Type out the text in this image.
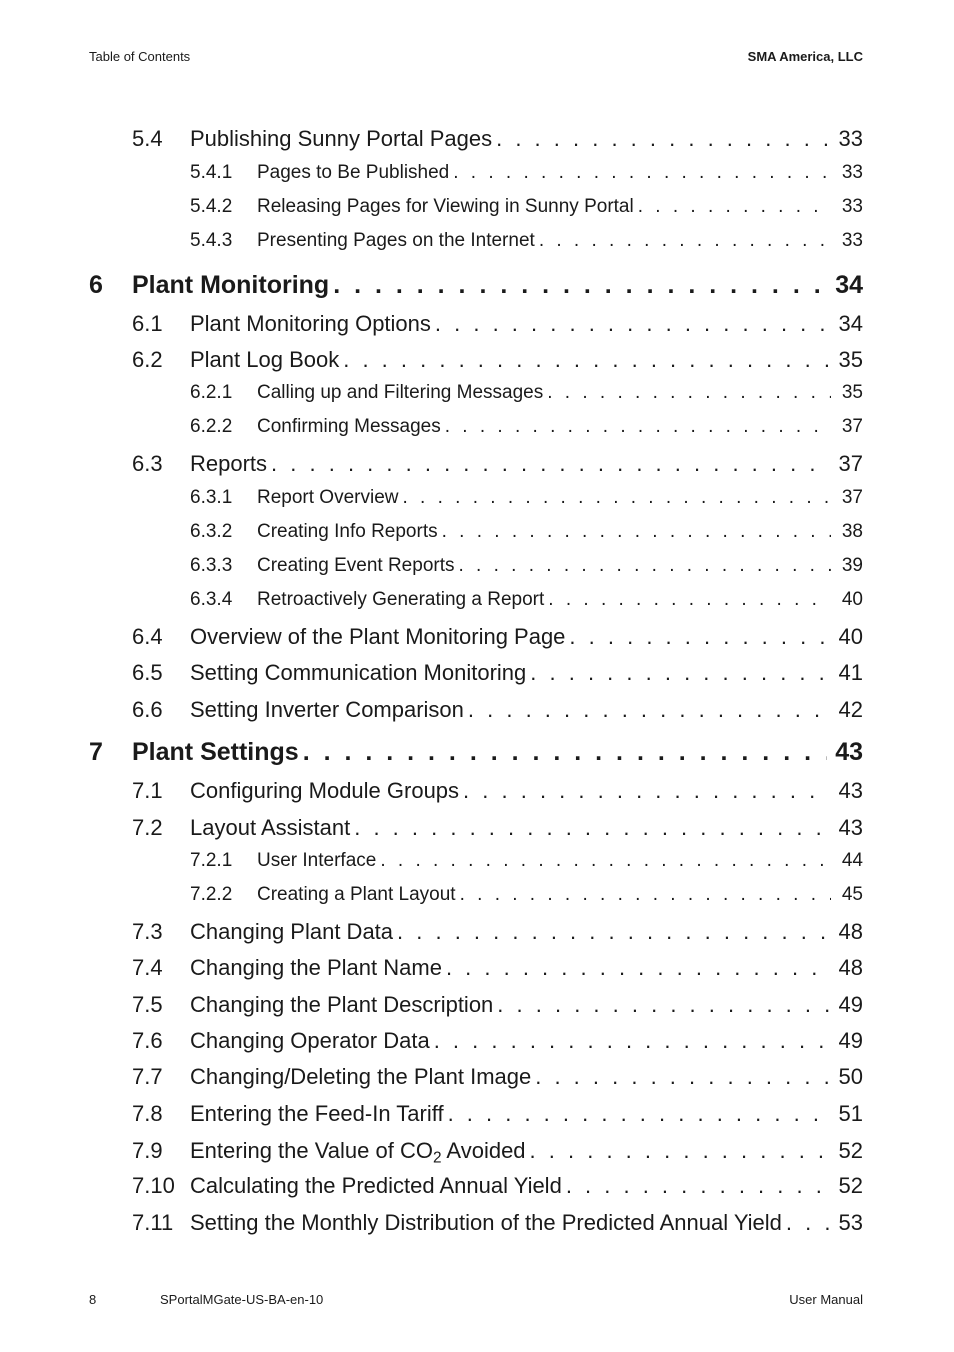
Table of Contents	SMA America, LLC
5.4	Publishing Sunny Portal Pages . . .	33
5.4.1	Pages to Be Published . . .	33
5.4.2	Releasing Pages for Viewing in Sunny Portal . . .	33
5.4.3	Presenting Pages on the Internet . . .	33
6	Plant Monitoring . . .	34
6.1	Plant Monitoring Options . . .	34
6.2	Plant Log Book . . .	35
6.2.1	Calling up and Filtering Messages . . .	35
6.2.2	Confirming Messages . . .	37
6.3	Reports . . .	37
6.3.1	Report Overview . . .	37
6.3.2	Creating Info Reports . . .	38
6.3.3	Creating Event Reports . . .	39
6.3.4	Retroactively Generating a Report . . .	40
6.4	Overview of the Plant Monitoring Page . . .	40
6.5	Setting Communication Monitoring . . .	41
6.6	Setting Inverter Comparison . . .	42
7	Plant Settings . . .	43
7.1	Configuring Module Groups . . .	43
7.2	Layout Assistant . . .	43
7.2.1	User Interface . . .	44
7.2.2	Creating a Plant Layout . . .	45
7.3	Changing Plant Data . . .	48
7.4	Changing the Plant Name . . .	48
7.5	Changing the Plant Description . . .	49
7.6	Changing Operator Data . . .	49
7.7	Changing/Deleting the Plant Image . . .	50
7.8	Entering the Feed-In Tariff . . .	51
7.9	Entering the Value of $CO_2$ Avoided . . .	52
7.10 Calculating the Predicted Annual Yield . . .	52
7.11 Setting the Monthly Distribution of the Predicted Annual Yield . . .	53
8	SPortalMGate-US-BA-en-10	User Manual
